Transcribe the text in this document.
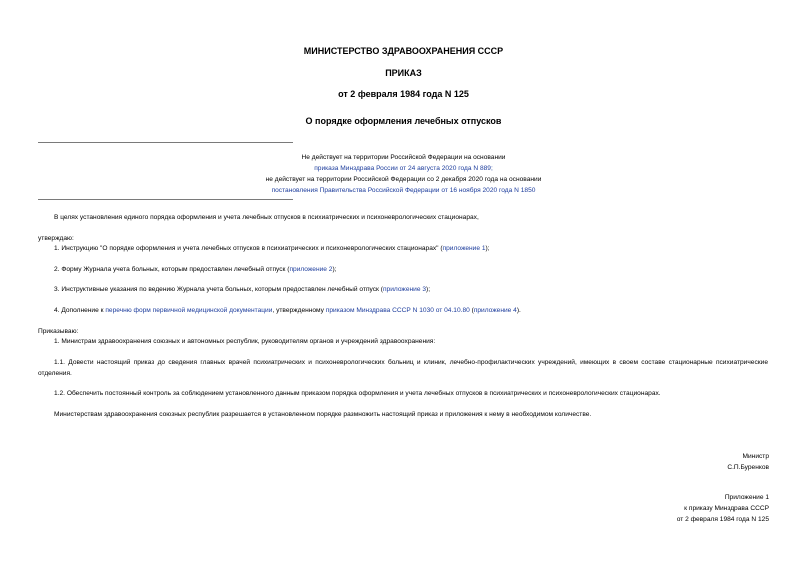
МИНИСТЕРСТВО ЗДРАВООХРАНЕНИЯ СССР
ПРИКАЗ
от 2 февраля 1984 года N 125
О порядке оформления лечебных отпусков
Не действует на территории Российской Федерации на основании
приказа Минздрава России от 24 августа 2020 года N 889;
не действует на территории Российской Федерации со 2 декабря 2020 года на основании
постановления Правительства Российской Федерации от 16 ноября 2020 года N 1850
В целях установления единого порядка оформления и учета лечебных отпусков в психиатрических и психоневрологических стационарах,
утверждаю:
1. Инструкцию "О порядке оформления и учета лечебных отпусков в психиатрических и психоневрологических стационарах" (приложение 1);
2. Форму Журнала учета больных, которым предоставлен лечебный отпуск (приложение 2);
3. Инструктивные указания по ведению Журнала учета больных, которым предоставлен лечебный отпуск (приложение 3);
4. Дополнение к перечню форм первичной медицинской документации, утвержденному приказом Минздрава СССР N 1030 от 04.10.80 (приложение 4).
Приказываю:
1. Министрам здравоохранения союзных и автономных республик, руководителям органов и учреждений здравоохранения:
1.1. Довести настоящий приказ до сведения главных врачей психиатрических и психоневрологических больниц и клиник, лечебно-профилактических учреждений, имеющих в своем составе стационарные психиатрические отделения.
1.2. Обеспечить постоянный контроль за соблюдением установленного данным приказом порядка оформления и учета лечебных отпусков в психиатрических и психоневрологических стационарах.
Министерствам здравоохранения союзных республик разрешается в установленном порядке размножить настоящий приказ и приложения к нему в необходимом количестве.
Министр
С.П.Буренков
Приложение 1
к приказу Минздрава СССР
от 2 февраля 1984 года N 125
